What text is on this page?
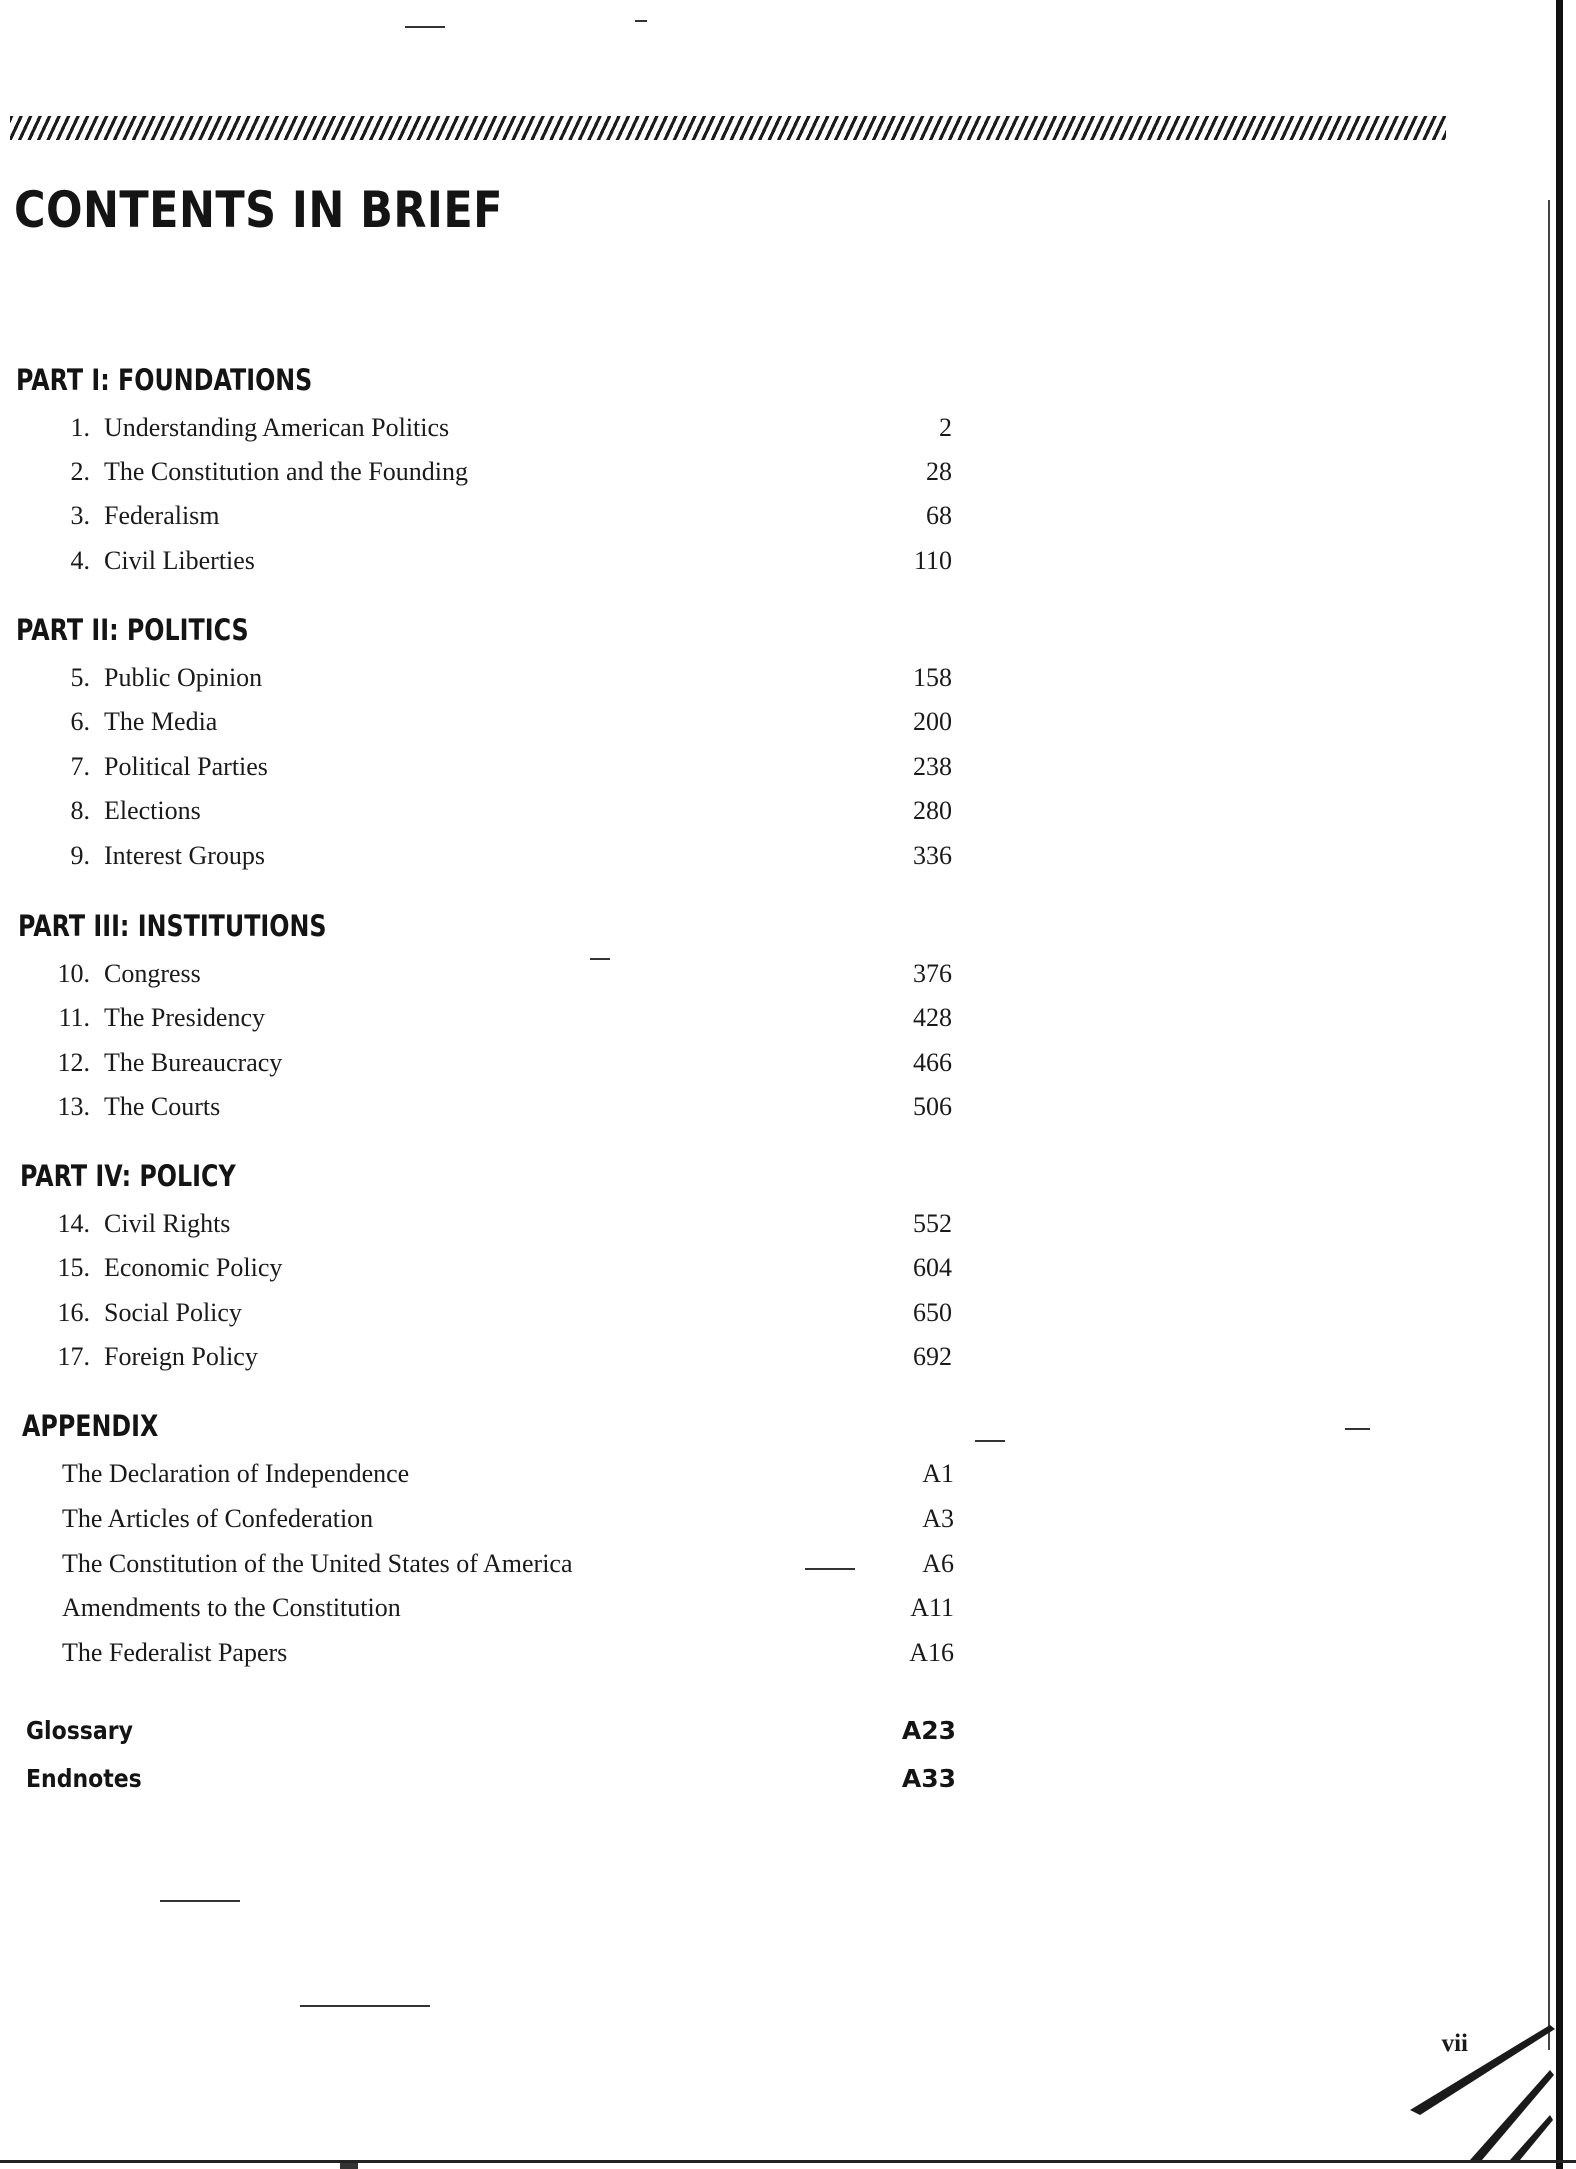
CONTENTS IN BRIEF
PART I: FOUNDATIONS
1. Understanding American Politics	2
2. The Constitution and the Founding	28
3. Federalism	68
4. Civil Liberties	110
PART II: POLITICS
5. Public Opinion	158
6. The Media	200
7. Political Parties	238
8. Elections	280
9. Interest Groups	336
PART III: INSTITUTIONS
10. Congress	376
11. The Presidency	428
12. The Bureaucracy	466
13. The Courts	506
PART IV: POLICY
14. Civil Rights	552
15. Economic Policy	604
16. Social Policy	650
17. Foreign Policy	692
APPENDIX
The Declaration of Independence	A1
The Articles of Confederation	A3
The Constitution of the United States of America	A6
Amendments to the Constitution	A11
The Federalist Papers	A16
Glossary	A23
Endnotes	A33
vii
